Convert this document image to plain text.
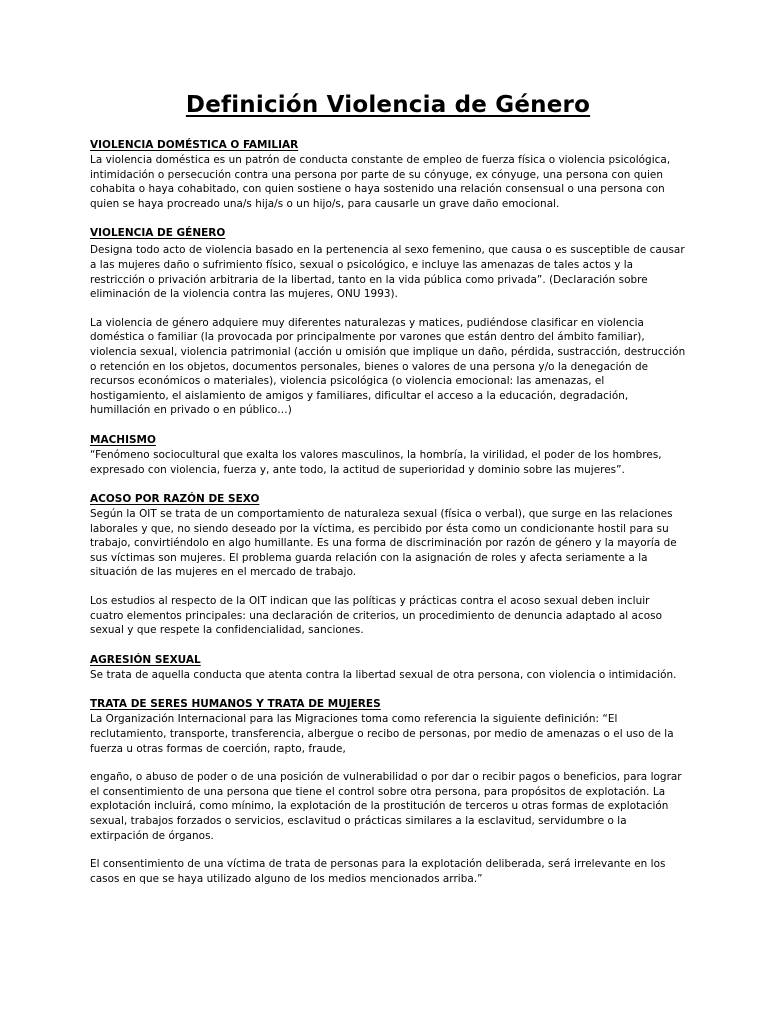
Definición Violencia de Género
VIOLENCIA DOMÉSTICA O FAMILIAR

La violencia doméstica es un patrón de conducta constante de empleo de fuerza física o violencia psicológica, intimidación o persecución contra una persona por parte de su cónyuge, ex cónyuge, una persona con quien cohabita o haya cohabitado, con quien sostiene o haya sostenido una relación consensual o una persona con quien se haya procreado una/s hija/s o un hijo/s, para causarle un grave daño emocional.

VIOLENCIA DE GÉNERO

Designa todo acto de violencia basado en la pertenencia al sexo femenino, que causa o es susceptible de causar a las mujeres daño o sufrimiento físico, sexual o psicológico, e incluye las amenazas de tales actos y la restricción o privación arbitraria de la libertad, tanto en la vida pública como privada”. (Declaración sobre eliminación de la violencia contra las mujeres, ONU 1993).

La violencia de género adquiere muy diferentes naturalezas y matices, pudiéndose clasificar en violencia doméstica o familiar (la provocada por principalmente por varones que están dentro del ámbito familiar), violencia sexual, violencia patrimonial (acción u omisión que implique un daño, pérdida, sustracción, destrucción o retención en los objetos, documentos personales, bienes o valores de una persona y/o la denegación de recursos económicos o materiales), violencia psicológica (o violencia emocional: las amenazas, el hostigamiento, el aislamiento de amigos y familiares, dificultar el acceso a la educación, degradación, humillación en privado o en público…)

MACHISMO

“Fenómeno sociocultural que exalta los valores masculinos, la hombría, la virilidad, el poder de los hombres, expresado con violencia, fuerza y, ante todo, la actitud de superioridad y dominio sobre las mujeres”.

ACOSO POR RAZÓN DE SEXO

Según la OIT se trata de un comportamiento de naturaleza sexual (física o verbal), que surge en las relaciones laborales y que, no siendo deseado por la víctima, es percibido por ésta como un condicionante hostil para su trabajo, convirtiéndolo en algo humillante. Es una forma de discriminación por razón de género y la mayoría de sus víctimas son mujeres. El problema guarda relación con la asignación de roles y afecta seriamente a la situación de las mujeres en el mercado de trabajo.

Los estudios al respecto de la OIT indican que las políticas y prácticas contra el acoso sexual deben incluir cuatro elementos principales: una declaración de criterios, un procedimiento de denuncia adaptado al acoso sexual y que respete la confidencialidad, sanciones.

AGRESIÓN SEXUAL

Se trata de aquella conducta que atenta contra la libertad sexual de otra persona, con violencia o intimidación.

TRATA DE SERES HUMANOS Y TRATA DE MUJERES

La Organización Internacional para las Migraciones toma como referencia la siguiente definición: “El reclutamiento, transporte, transferencia, albergue o recibo de personas, por medio de amenazas o el uso de la fuerza u otras formas de coerción, rapto, fraude,

engaño, o abuso de poder o de una posición de vulnerabilidad o por dar o recibir pagos o beneficios, para lograr el consentimiento de una persona que tiene el control sobre otra persona, para propósitos de explotación. La explotación incluirá, como mínimo, la explotación de la prostitución de terceros u otras formas de explotación sexual, trabajos forzados o servicios, esclavitud o prácticas similares a la esclavitud, servidumbre o la extirpación de órganos.

El consentimiento de una víctima de trata de personas para la explotación deliberada, será irrelevante en los casos en que se haya utilizado alguno de los medios mencionados arriba.”
